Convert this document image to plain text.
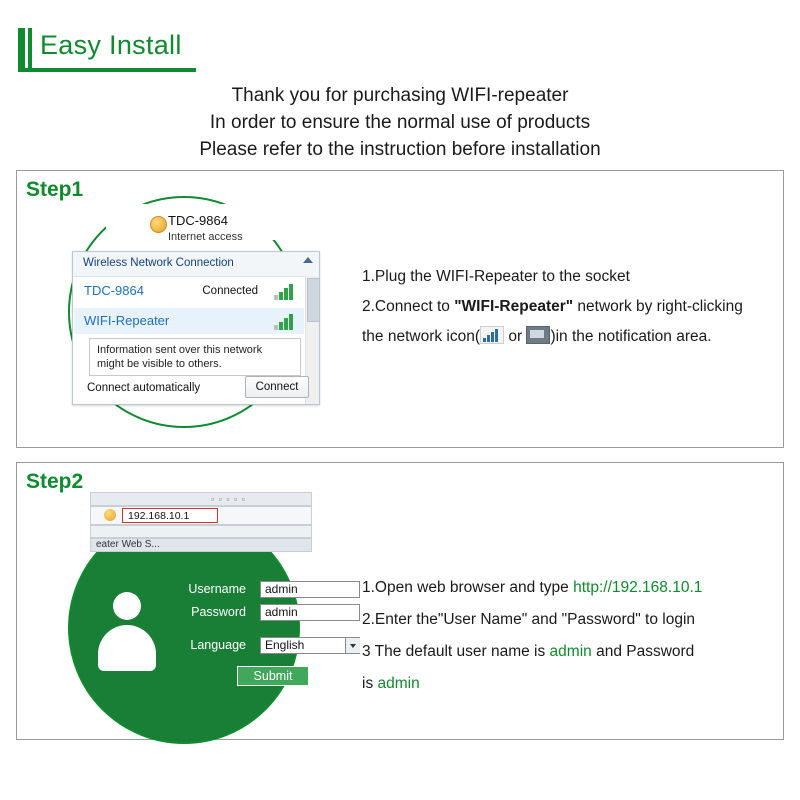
Easy Install
Thank you for purchasing WIFI-repeater
In order to ensure the normal use of products
Please refer to the instruction before installation
Step1
TDC-9864
Internet access
Wireless Network Connection
TDC-9864	Connected
WIFI-Repeater
Information sent over this network
might be visible to others.
Connect automatically	Connect
1.Plug the WIFI-Repeater to the socket
2.Connect to "WIFI-Repeater" network by right-clicking
the network icon(
or )in the notification area.
Step2
▫ ▫ ▫ ▫ ▫
192.168.10.1
eater Web S...
Username	admin
Password	admin
Language	English
Submit
1.Open web browser and type http://192.168.10.1
2.Enter the"User Name" and "Password" to login
3 The default user name is admin and Password
is admin
